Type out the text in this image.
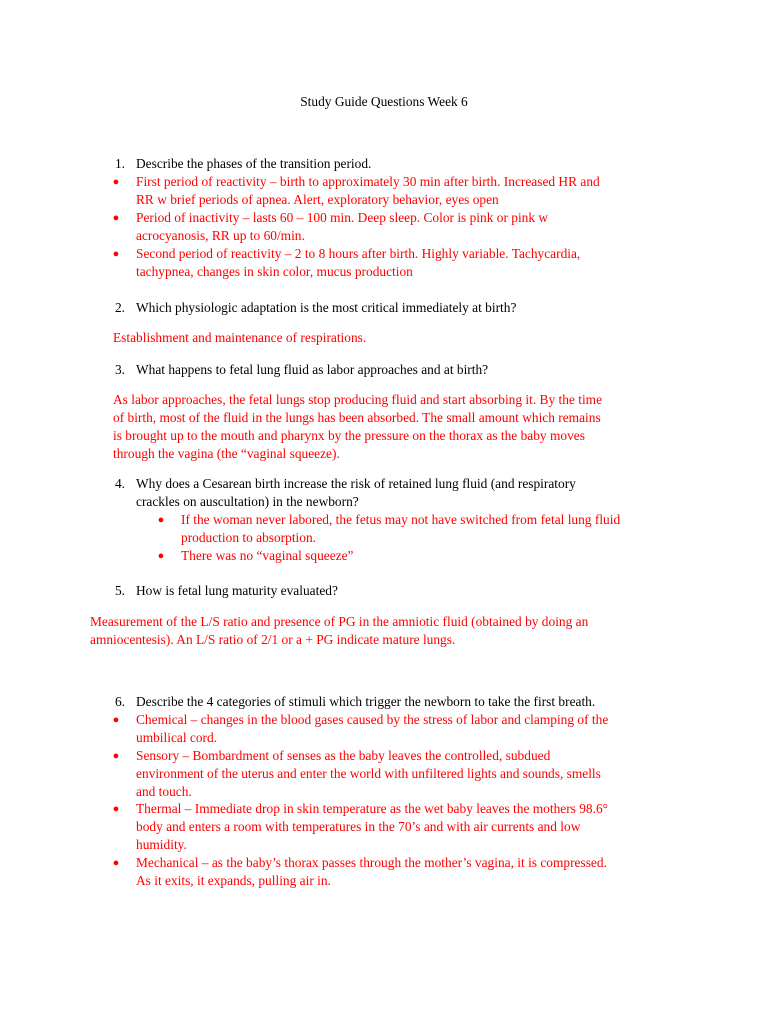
Study Guide Questions Week 6
1. Describe the phases of the transition period.
● First period of reactivity – birth to approximately 30 min after birth. Increased HR and
RR w brief periods of apnea. Alert, exploratory behavior, eyes open
● Period of inactivity – lasts 60 – 100 min. Deep sleep. Color is pink or pink w
acrocyanosis, RR up to 60/min.
● Second period of reactivity – 2 to 8 hours after birth. Highly variable. Tachycardia,
tachypnea, changes in skin color, mucus production
2. Which physiologic adaptation is the most critical immediately at birth?
Establishment and maintenance of respirations.
3. What happens to fetal lung fluid as labor approaches and at birth?
As labor approaches, the fetal lungs stop producing fluid and start absorbing it. By the time
of birth, most of the fluid in the lungs has been absorbed. The small amount which remains
is brought up to the mouth and pharynx by the pressure on the thorax as the baby moves
through the vagina (the “vaginal squeeze).
4. Why does a Cesarean birth increase the risk of retained lung fluid (and respiratory
crackles on auscultation) in the newborn?
● If the woman never labored, the fetus may not have switched from fetal lung fluid
production to absorption.
● There was no “vaginal squeeze”
5. How is fetal lung maturity evaluated?
Measurement of the L/S ratio and presence of PG in the amniotic fluid (obtained by doing an
amniocentesis). An L/S ratio of 2/1 or a + PG indicate mature lungs.
6. Describe the 4 categories of stimuli which trigger the newborn to take the first breath.
● Chemical – changes in the blood gases caused by the stress of labor and clamping of the
umbilical cord.
● Sensory – Bombardment of senses as the baby leaves the controlled, subdued
environment of the uterus and enter the world with unfiltered lights and sounds, smells
and touch.
● Thermal – Immediate drop in skin temperature as the wet baby leaves the mothers 98.6°
body and enters a room with temperatures in the 70’s and with air currents and low
humidity.
● Mechanical – as the baby’s thorax passes through the mother’s vagina, it is compressed.
As it exits, it expands, pulling air in.
